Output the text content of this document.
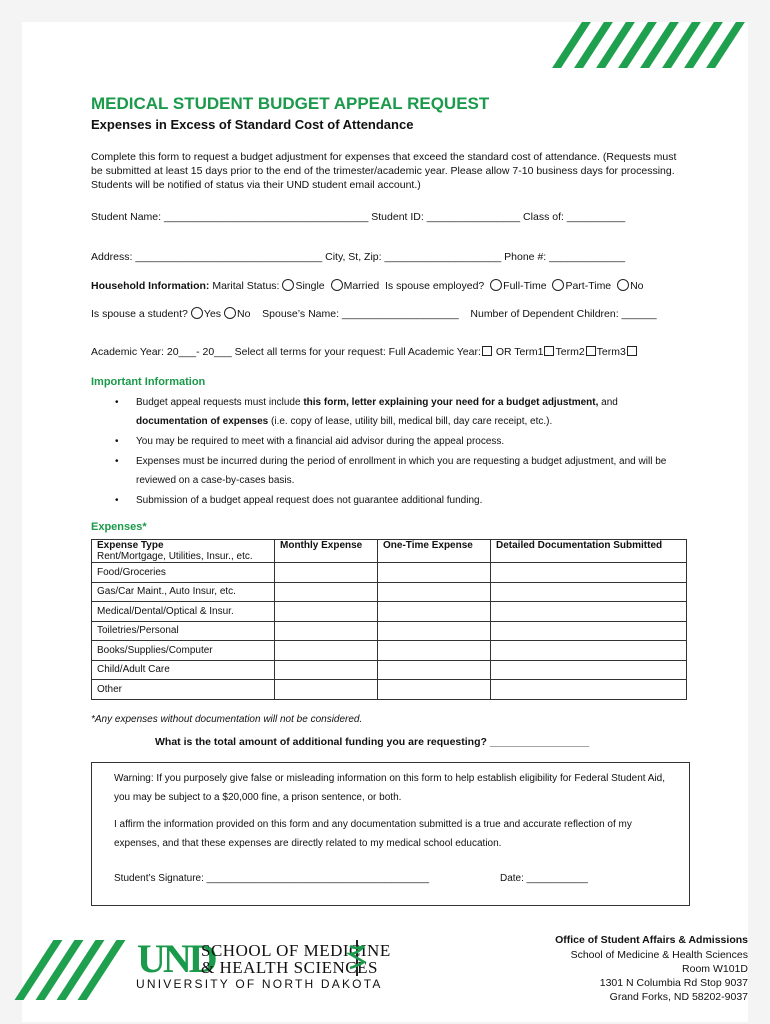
MEDICAL STUDENT BUDGET APPEAL REQUEST
Expenses in Excess of Standard Cost of Attendance
Complete this form to request a budget adjustment for expenses that exceed the standard cost of attendance. (Requests must be submitted at least 15 days prior to the end of the trimester/academic year. Please allow 7-10 business days for processing. Students will be notified of status via their UND student email account.)
Student Name: ___________________________________ Student ID: ________________ Class of: __________
Address: ________________________________ City, St, Zip: ____________________ Phone #: _____________
Household Information: Marital Status: Single Married Is spouse employed? Full-Time Part-Time No
Is spouse a student? Yes No Spouse’s Name: ____________________ Number of Dependent Children: ______
Academic Year: 20___- 20___ Select all terms for your request: Full Academic Year: OR Term1 Term2 Term3
Important Information
• Budget appeal requests must include this form, letter explaining your need for a budget adjustment, and documentation of expenses (i.e. copy of lease, utility bill, medical bill, day care receipt, etc.).
• You may be required to meet with a financial aid advisor during the appeal process.
• Expenses must be incurred during the period of enrollment in which you are requesting a budget adjustment, and will be reviewed on a case-by-cases basis.
• Submission of a budget appeal request does not guarantee additional funding.
Expenses*
Expense Type
Rent/Mortgage, Utilities, Insur., etc.	Monthly Expense	One-Time Expense	Detailed Documentation Submitted
Food/Groceries			
Gas/Car Maint., Auto Insur, etc.			
Medical/Dental/Optical & Insur.			
Toiletries/Personal			
Books/Supplies/Computer			
Child/Adult Care			
Other			
*Any expenses without documentation will not be considered.
What is the total amount of additional funding you are requesting? _________________
Warning: If you purposely give false or misleading information on this form to help establish eligibility for Federal Student Aid, you may be subject to a $20,000 fine, a prison sentence, or both.
I affirm the information provided on this form and any documentation submitted is a true and accurate reflection of my expenses, and that these expenses are directly related to my medical school education.
Student’s Signature: ________________________________________	Date: ___________
UND
SCHOOL OF MEDICINE
& HEALTH SCIENCES
UNIVERSITY OF NORTH DAKOTA
Office of Student Affairs & Admissions
School of Medicine & Health Sciences
Room W101D
1301 N Columbia Rd Stop 9037
Grand Forks, ND 58202-9037
